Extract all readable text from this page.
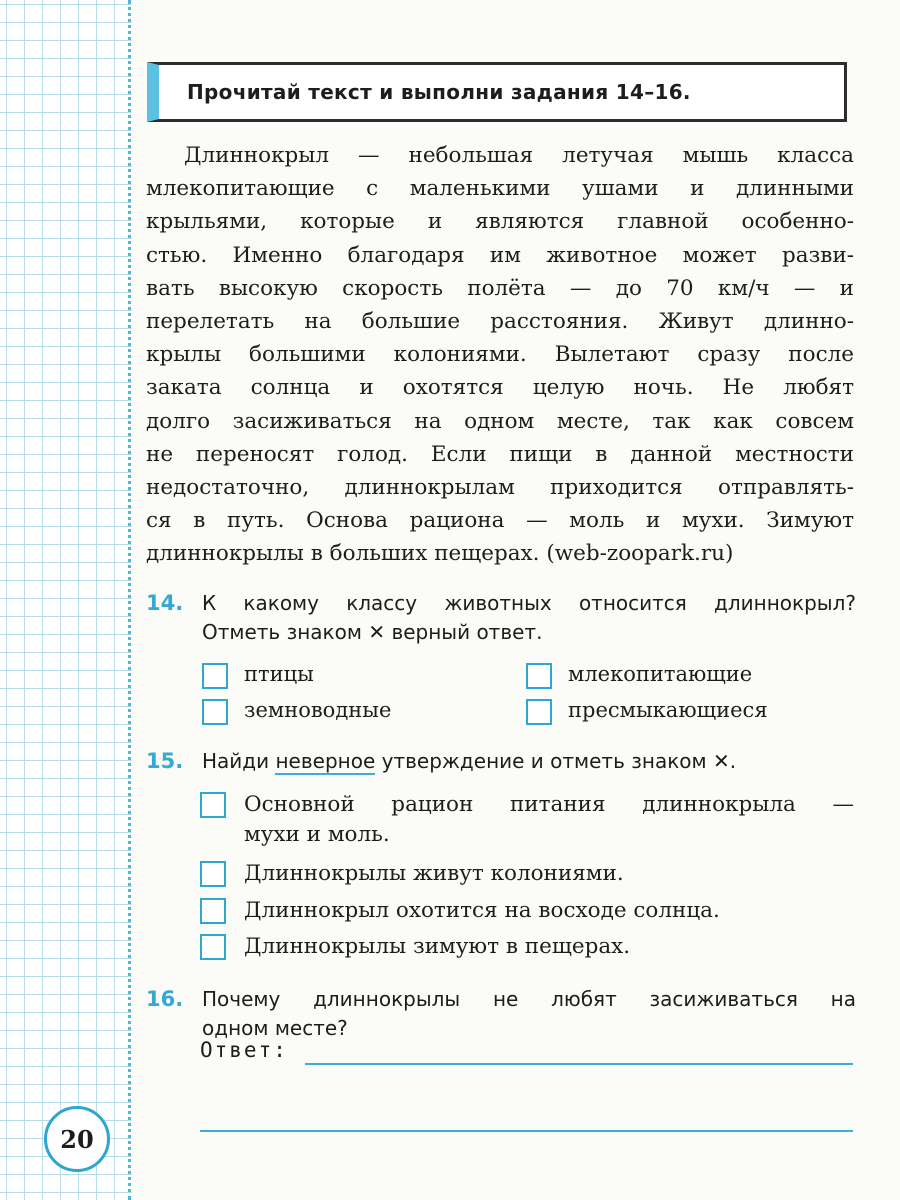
Прочитай текст и выполни задания 14–16.
Длиннокрыл — небольшая летучая мышь класса
млекопитающие с маленькими ушами и длинными
крыльями, которые и являются главной особенно-
стью. Именно благодаря им животное может разви-
вать высокую скорость полёта — до 70 км/ч — и
перелетать на большие расстояния. Живут длинно-
крылы большими колониями. Вылетают сразу после
заката солнца и охотятся целую ночь. Не любят
долго засиживаться на одном месте, так как совсем
не переносят голод. Если пищи в данной местности
недостаточно, длиннокрылам приходится отправлять-
ся в путь. Основа рациона — моль и мухи. Зимуют
длиннокрылы в больших пещерах. (web-zoopark.ru)
14. К какому классу животных относится длиннокрыл?
Отметь знаком ✕ верный ответ.
птицы	млекопитающие
земноводные	пресмыкающиеся
15. Найди неверное утверждение и отметь знаком ✕.
Основной рацион питания длиннокрыла —
мухи и моль.
Длиннокрылы живут колониями.
Длиннокрыл охотится на восходе солнца.
Длиннокрылы зимуют в пещерах.
16. Почему длиннокрылы не любят засиживаться на
одном месте?
Ответ:
20
